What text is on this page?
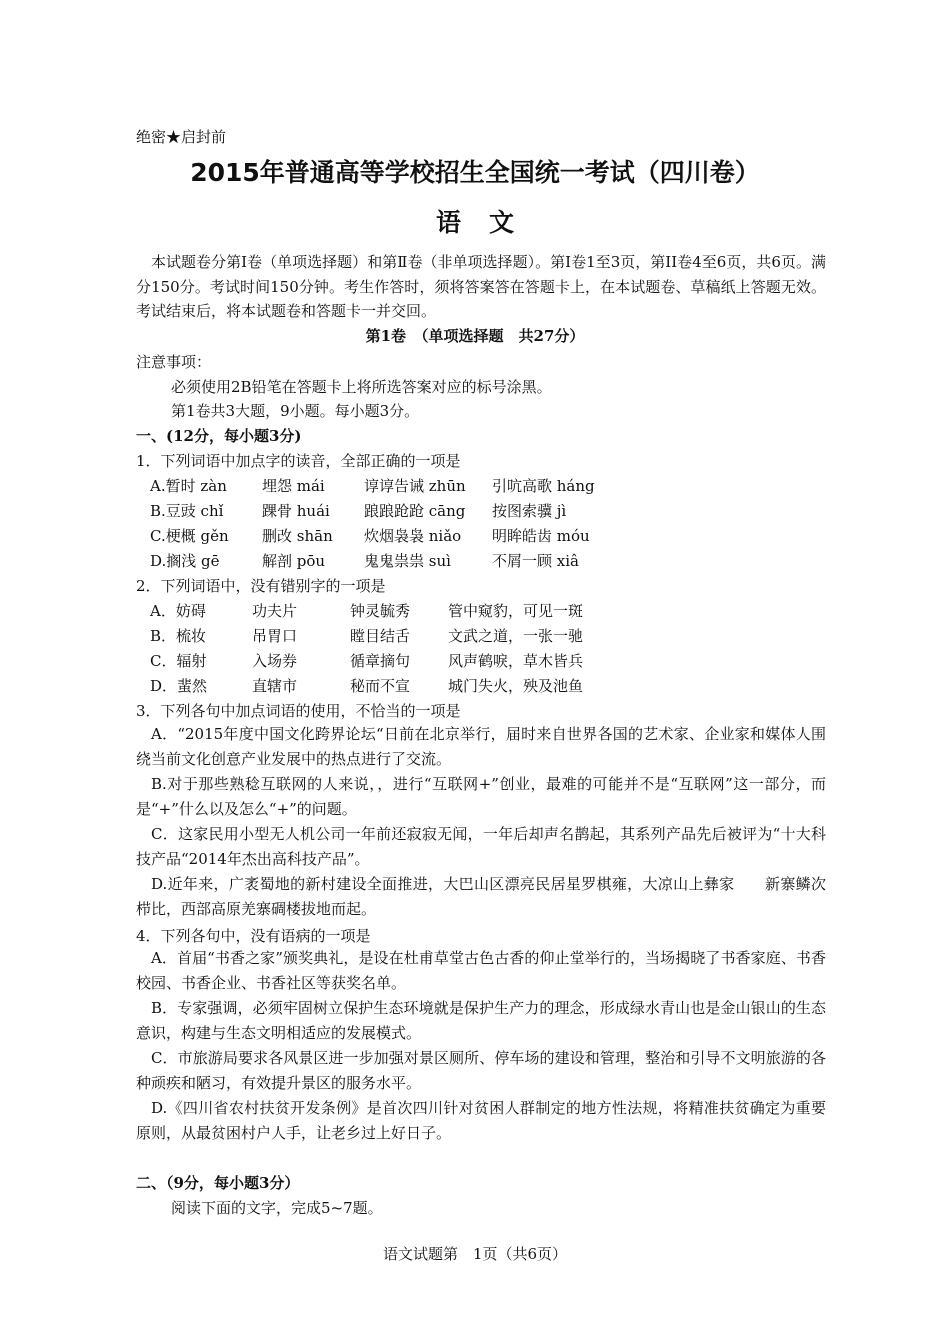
绝密★启封前
2015年普通高等学校招生全国统一考试（四川卷）
语文
本试题卷分第Ⅰ卷（单项选择题）和第Ⅱ卷（非单项选择题）。第Ⅰ卷1至3页，第II卷4至6页，共6页。满分150分。考试时间150分钟。考生作答时，须将答案答在答题卡上，在本试题卷、草稿纸上答题无效。考试结束后，将本试题卷和答题卡一并交回。
第1卷　（单项选择题　共27分）
注意事项：
必须使用2B铅笔在答题卡上将所选答案对应的标号涂黑。
第1卷共3大题，9小题。每小题3分。
一、(12分，每小题3分)
1．下列词语中加点字的读音，全部正确的一项是
A.暂时 zàn 埋怨 mái	谆谆告诫 zhūn 引吭高歌 háng
B.豆豉 chǐ	踝骨 huái 踉踉跄跄 cāng 按图索骥 jì
C.梗概 gěn 删改 shān 炊烟袅袅 niǎo 明眸皓齿 móu
D.搁浅 gē	解剖 pōu	鬼鬼祟祟 suì	不屑一顾 xiâ
2．下列词语中，没有错别字的一项是
A．妨碍	功夫片	钟灵毓秀	管中窥豹，可见一斑
B．梳妆	吊胃口	瞠目结舌	文武之道，一张一驰
C．辐射	入场券	循章摘句	风声鹤唳，草木皆兵
D．蜚然	直辖市	秘而不宣	城门失火，殃及池鱼
3．下列各句中加点词语的使用，不恰当的一项是
A．“2015年度中国文化跨界论坛“日前在北京举行，届时来自世界各国的艺术家、企业家和媒体人围绕当前文化创意产业发展中的热点进行了交流。
B.对于那些熟稔互联网的人来说，，进行“互联网+”创业，最难的可能并不是“互联网”这一部分，而是“+”什么以及怎么“+”的问题。
C．这家民用小型无人机公司一年前还寂寂无闻，一年后却声名鹊起，其系列产品先后被评为“十大科技产品“2014年杰出高科技产品”。
D.近年来，广袤蜀地的新村建设全面推进，大巴山区漂亮民居星罗棋雍，大凉山上彝家　　新寨鳞次栉比，西部高原羌寨碉楼拔地而起。
4．下列各句中，没有语病的一项是
A．首届“书香之家”颁奖典礼，是设在杜甫草堂古色古香的仰止堂举行的，当场揭晓了书香家庭、书香校园、书香企业、书香社区等获奖名单。
B．专家强调，必须牢固树立保护生态环境就是保护生产力的理念，形成绿水青山也是金山银山的生态意识，构建与生态文明相适应的发展模式。
C．市旅游局要求各风景区进一步加强对景区厕所、停车场的建设和管理，整治和引导不文明旅游的各种顽疾和陋习，有效提升景区的服务水平。
D.《四川省农村扶贫开发条例》是首次四川针对贫困人群制定的地方性法规，将精准扶贫确定为重要原则，从最贫困村户人手，让老乡过上好日子。
二、（9分，每小题3分）
阅读下面的文字，完成5~7题。
语文试题第　1页（共6页）
